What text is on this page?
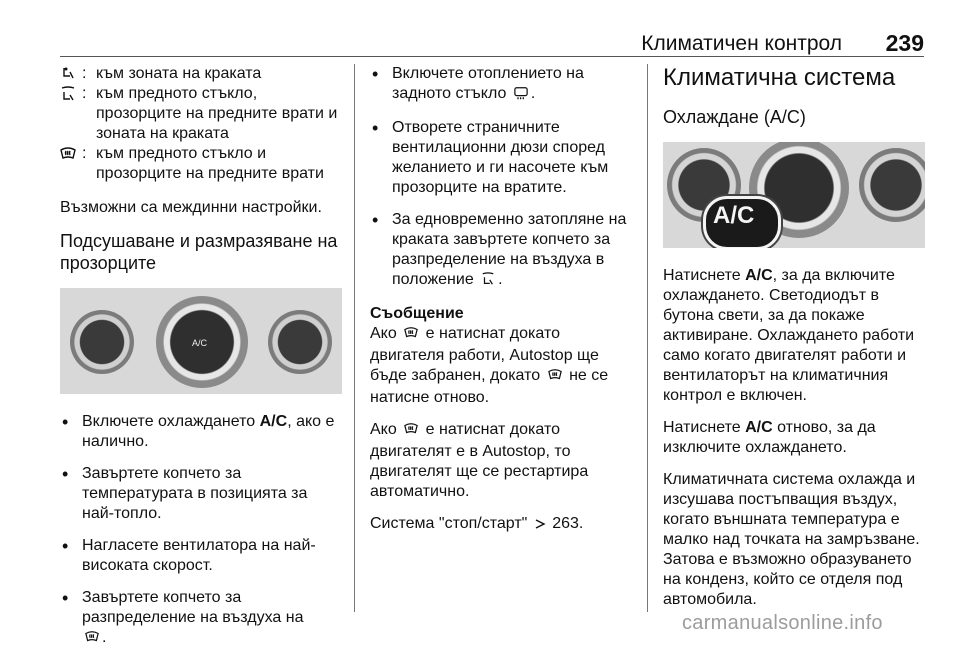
Климатичен контрол 239
: към зоната на краката
: към предното стъкло, прозорците на предните врати и зоната на краката
: към предното стъкло и прозорците на предните врати

Възможни са междинни настройки.

Подсушаване и размразяване на прозорците
A/C
• Включете охлаждането A/C, ако е налично.
• Завъртете копчето за температурата в позицията за най-топло.
• Нагласете вентилатора на най-високата скорост.
• Завъртете копчето за разпределение на въздуха на
.
• Включете отоплението на задното стъкло .
• Отворете страничните вентилационни дюзи според желанието и ги насочете към прозорците на вратите.
• За едновременно затопляне на краката завъртете копчето за разпределение на въздуха в положение .
Съобщение

Ако е натиснат докато двигателя работи, Autostop ще бъде забранен, докато не се натисне отново.

Ако е натиснат докато двигателят е в Autostop, то двигателят ще се рестартира автоматично.

Система "стоп/старт" 263.

Климатична система
Охлаждане (A/C)
A/C

Натиснете A/C, за да включите охлаждането. Светодиодът в бутона свети, за да покаже активиране. Охлаждането работи само когато двигателят работи и вентилаторът на климатичния контрол е включен.

Натиснете A/C отново, за да изключите охлаждането.

Климатичната система охлажда и изсушава постъпващия въздух, когато външната температура е малко над точката на замръзване. Затова е възможно образуването на конденз, който се отделя под автомобила.

carmanualsonline.info
